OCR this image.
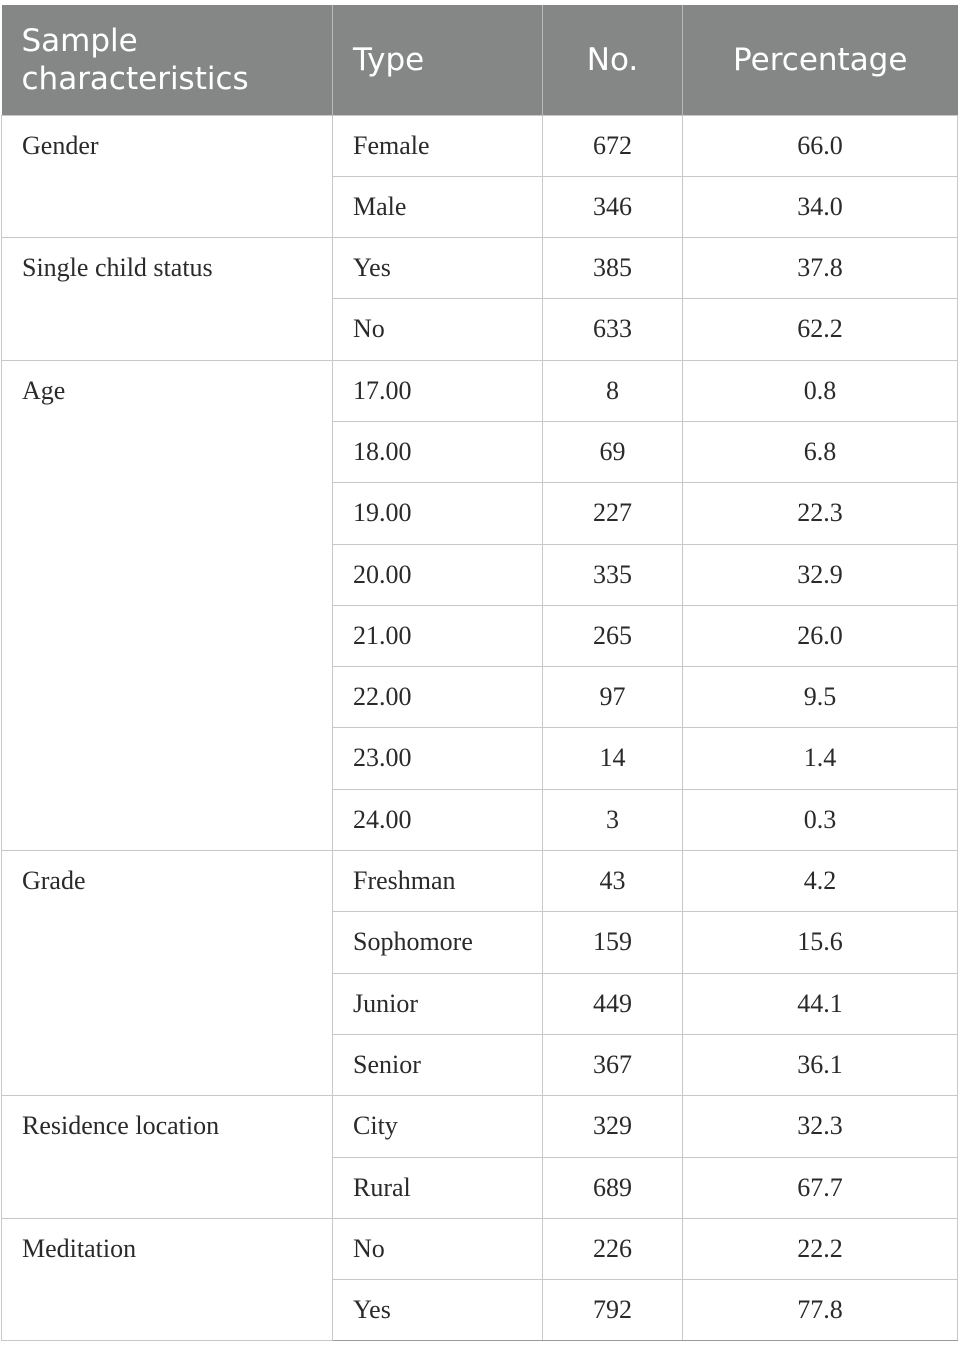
Sample characteristics	Type	No.	Percentage
Gender	Female	672	66.0
	Male	346	34.0
Single child status	Yes	385	37.8
	No	633	62.2
Age	17.00	8	0.8
	18.00	69	6.8
	19.00	227	22.3
	20.00	335	32.9
	21.00	265	26.0
	22.00	97	9.5
	23.00	14	1.4
	24.00	3	0.3
Grade	Freshman	43	4.2
	Sophomore	159	15.6
	Junior	449	44.1
	Senior	367	36.1
Residence location	City	329	32.3
	Rural	689	67.7
Meditation	No	226	22.2
	Yes	792	77.8
